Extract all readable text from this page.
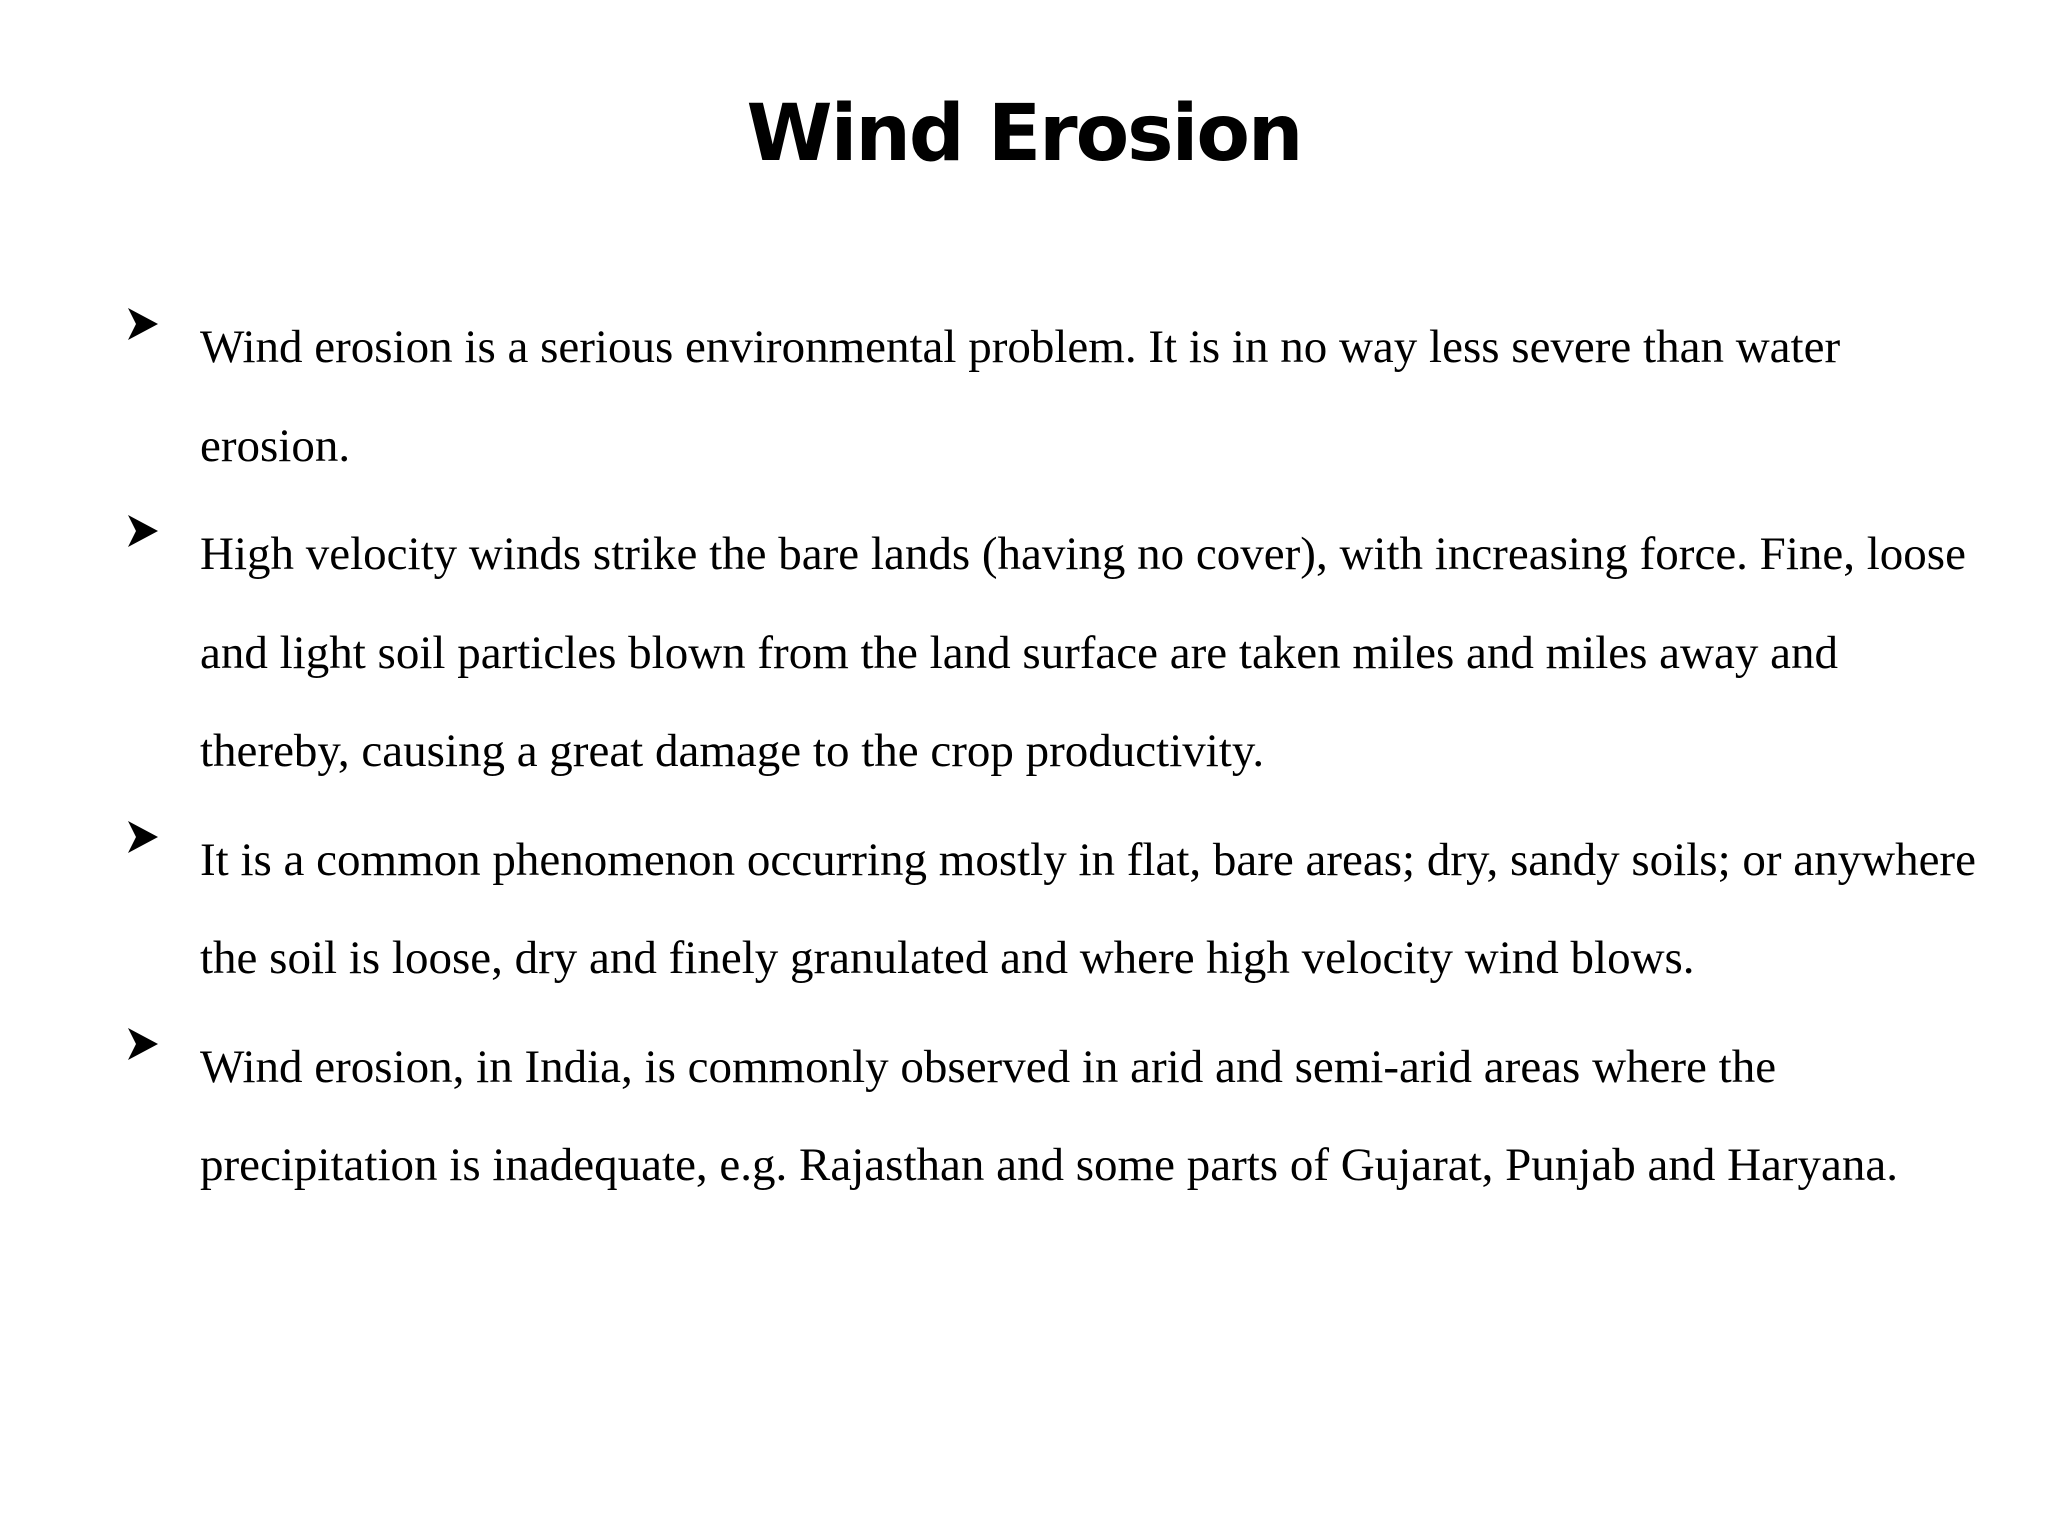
Wind Erosion

Wind erosion is a serious environmental problem. It is in no way less severe than water erosion.

High velocity winds strike the bare lands (having no cover), with increasing force. Fine, loose and light soil particles blown from the land surface are taken miles and miles away and thereby, causing a great damage to the crop productivity.

It is a common phenomenon occurring mostly in flat, bare areas; dry, sandy soils; or anywhere the soil is loose, dry and finely granulated and where high velocity wind blows.

Wind erosion, in India, is commonly observed in arid and semi-arid areas where the precipitation is inadequate, e.g. Rajasthan and some parts of Gujarat, Punjab and Haryana.
